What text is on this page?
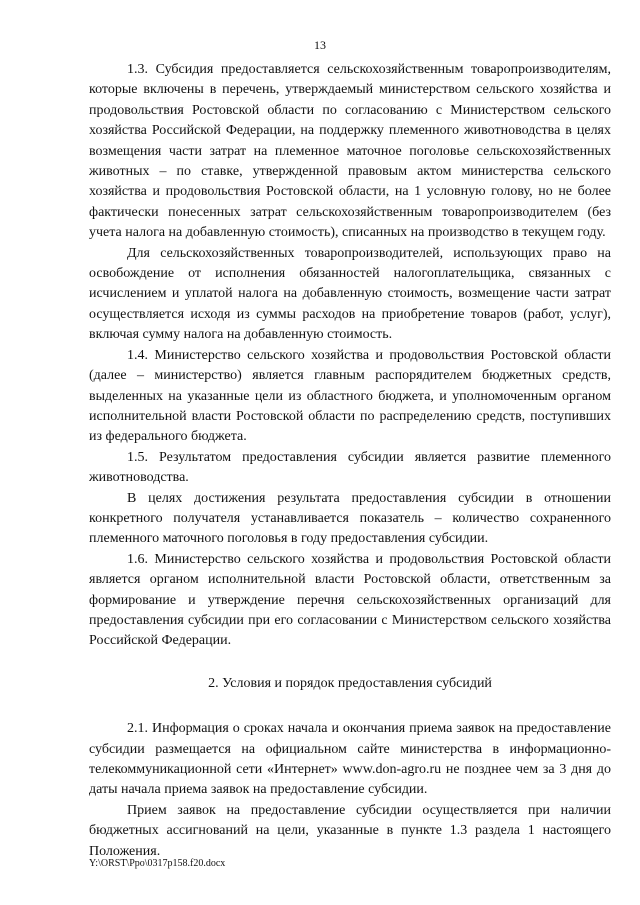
13

1.3. Субсидия предоставляется сельскохозяйственным товаропроизводителям, которые включены в перечень, утверждаемый министерством сельского хозяйства и продовольствия Ростовской области по согласованию с Министерством сельского хозяйства Российской Федерации, на поддержку племенного животноводства в целях возмещения части затрат на племенное маточное поголовье сельскохозяйственных животных – по ставке, утвержденной правовым актом министерства сельского хозяйства и продовольствия Ростовской области, на 1 условную голову, но не более фактически понесенных затрат сельскохозяйственным товаропроизводителем (без учета налога на добавленную стоимость), списанных на производство в текущем году.

Для сельскохозяйственных товаропроизводителей, использующих право на освобождение от исполнения обязанностей налогоплательщика, связанных с исчислением и уплатой налога на добавленную стоимость, возмещение части затрат осуществляется исходя из суммы расходов на приобретение товаров (работ, услуг), включая сумму налога на добавленную стоимость.

1.4. Министерство сельского хозяйства и продовольствия Ростовской области (далее – министерство) является главным распорядителем бюджетных средств, выделенных на указанные цели из областного бюджета, и уполномоченным органом исполнительной власти Ростовской области по распределению средств, поступивших из федерального бюджета.

1.5. Результатом предоставления субсидии является развитие племенного животноводства.

В целях достижения результата предоставления субсидии в отношении конкретного получателя устанавливается показатель – количество сохраненного племенного маточного поголовья в году предоставления субсидии.

1.6. Министерство сельского хозяйства и продовольствия Ростовской области является органом исполнительной власти Ростовской области, ответственным за формирование и утверждение перечня сельскохозяйственных организаций для предоставления субсидии при его согласовании с Министерством сельского хозяйства Российской Федерации.

2. Условия и порядок предоставления субсидий

2.1. Информация о сроках начала и окончания приема заявок на предоставление субсидии размещается на официальном сайте министерства в информационно-телекоммуникационной сети «Интернет» www.don-agro.ru не позднее чем за 3 дня до даты начала приема заявок на предоставление субсидии.

Прием заявок на предоставление субсидии осуществляется при наличии бюджетных ассигнований на цели, указанные в пункте 1.3 раздела 1 настоящего Положения.

Y:\ORST\Ppo\0317p158.f20.docx
